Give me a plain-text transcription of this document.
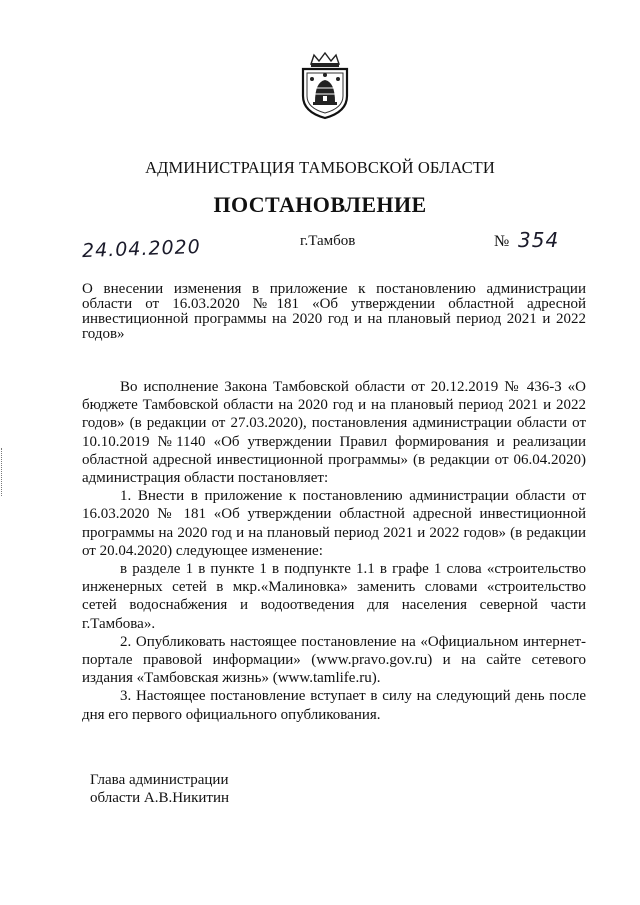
АДМИНИСТРАЦИЯ ТАМБОВСКОЙ ОБЛАСТИ
ПОСТАНОВЛЕНИЕ
24.04.2020	г.Тамбов	№ 354
О внесении изменения в приложение к постановлению администрации области от 16.03.2020 №181 «Об утверждении областной адресной инвестиционной программы на 2020 год и на плановый период 2021 и 2022 годов»

Во исполнение Закона Тамбовской области от 20.12.2019 № 436-З «О бюджете Тамбовской области на 2020 год и на плановый период 2021 и 2022 годов» (в редакции от 27.03.2020), постановления администрации области от 10.10.2019 №1140 «Об утверждении Правил формирования и реализации областной адресной инвестиционной программы» (в редакции от 06.04.2020) администрация области постановляет:

1. Внести в приложение к постановлению администрации области от 16.03.2020 № 181 «Об утверждении областной адресной инвестиционной программы на 2020 год и на плановый период 2021 и 2022 годов» (в редакции от 20.04.2020) следующее изменение:

в разделе 1 в пункте 1 в подпункте 1.1 в графе 1 слова «строительство инженерных сетей в мкр.«Малиновка» заменить словами «строительство сетей водоснабжения и водоотведения для населения северной части г.Тамбова».

2. Опубликовать настоящее постановление на «Официальном интернет-портале правовой информации» (www.pravo.gov.ru) и на сайте сетевого издания «Тамбовская жизнь» (www.tamlife.ru).

3. Настоящее постановление вступает в силу на следующий день после дня его первого официального опубликования.

Глава администрации
области А.В.Никитин
